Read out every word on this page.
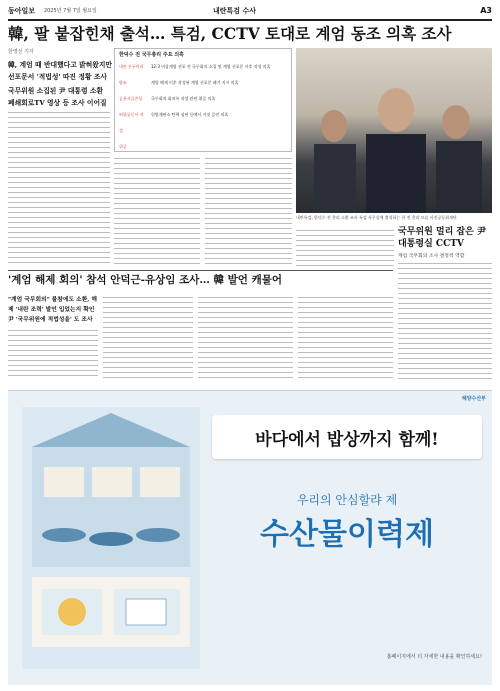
동아일보 2025년 7월 7일 월요일	내란특검 수사	A3
韓, 팔 붙잡힌채 출석… 특검, CCTV 토대로 계엄 동조 의혹 조사
한영선 기자
韓, 계엄 때 반대했다고 밝혀왔지만
선포문서 '적법성' 따진 정황 조사
국무위원 소집된 尹 대통령 소환
폐쇄회로TV 영상 등 조사 이어질
한덕수 전 국무총리 주요 의혹
내란 우두머리 방조
공용서류손상
허위공문서 작성
위증
12·3 비상계엄 선포 전 국무회의 소집 및 계엄 선포문 사후 작성 의혹
계엄 해제 이후 작성된 계엄 선포문 폐기 지시 의혹
국무회의 회의록 작성 관련 위증 의혹
헌법재판소 탄핵 심판 등에서 거짓 증언 의혹
내란특검, 한덕수 전 총리 소환 조사 특검 사무실에 출석하는 한 전 총리 모습 사진공동취재단
국무위원 멀리 잡은 尹 대통령실 CCTV
계엄 국무회의 조사 결정적 역할
'계엄 해제 회의' 참석 안덕근-유상임 조사… 韓 발언 캐물어
"계엄 국무회의" 불참에도 소환, 해
제 '내란 조력' 발언 입었는지 확인
尹 '국무위원에 적법성을' 도 조사
해양수산부
바다에서 밥상까지 함께!
우리의 안심할랴 제
수산물이력제
홈페이지에서 더 자세한 내용을 확인하세요!
